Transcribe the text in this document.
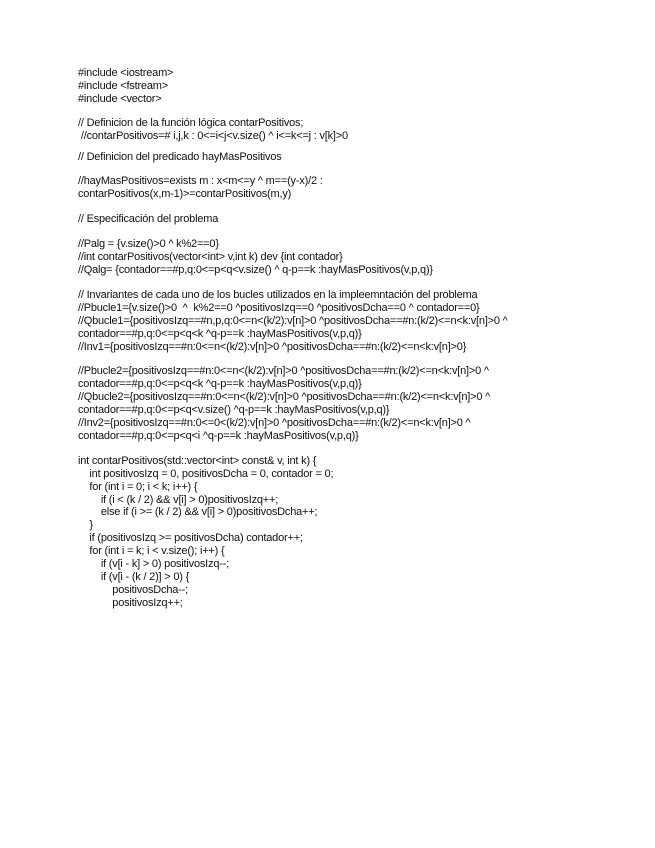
#include <iostream>
#include <fstream>
#include <vector>
// Definicion de la función lógica contarPositivos;
//contarPositivos=# i,j,k : 0<=i<j<v.size() ^ i<=k<=j : v[k]>0
// Definicion del predicado hayMasPositivos
//hayMasPositivos=exists m : x<m<=y ^ m==(y-x)/2 :
contarPositivos(x,m-1)>=contarPositivos(m,y)
// Especificación del problema
//Palg = {v.size()>0 ^ k%2==0}
//int contarPositivos(vector<int> v,int k) dev {int contador}
//Qalg= {contador==#p,q:0<=p<q<v.size() ^ q-p==k :hayMasPositivos(v,p,q)}
// Invariantes de cada uno de los bucles utilizados en la impleemntación del problema
//Pbucle1={v.size()>0  ^  k%2==0 ^positivosIzq==0 ^positivosDcha==0 ^ contador==0}
//Qbucle1={positivosIzq==#n,p,q:0<=n<(k/2):v[n]>0 ^positivosDcha==#n:(k/2)<=n<k:v[n]>0 ^
contador==#p,q:0<=p<q<k ^q-p==k :hayMasPositivos(v,p,q)}
//Inv1={positivosIzq==#n:0<=n<(k/2):v[n]>0 ^positivosDcha==#n:(k/2)<=n<k:v[n]>0}
//Pbucle2={positivosIzq==#n:0<=n<(k/2):v[n]>0 ^positivosDcha==#n:(k/2)<=n<k:v[n]>0 ^
contador==#p,q:0<=p<q<k ^q-p==k :hayMasPositivos(v,p,q)}
//Qbucle2={positivosIzq==#n:0<=n<(k/2):v[n]>0 ^positivosDcha==#n:(k/2)<=n<k:v[n]>0 ^
contador==#p,q:0<=p<q<v.size() ^q-p==k :hayMasPositivos(v,p,q)}
//Inv2={positivosIzq==#n:0<=0<(k/2):v[n]>0 ^positivosDcha==#n:(k/2)<=n<k:v[n]>0 ^
contador==#p,q:0<=p<q<i ^q-p==k :hayMasPositivos(v,p,q)}
int contarPositivos(std::vector<int> const& v, int k) {
int positivosIzq = 0, positivosDcha = 0, contador = 0;
for (int i = 0; i < k; i++) {
if (i < (k / 2) && v[i] > 0)positivosIzq++;
else if (i >= (k / 2) && v[i] > 0)positivosDcha++;
}
if (positivosIzq >= positivosDcha) contador++;
for (int i = k; i < v.size(); i++) {
if (v[i - k] > 0) positivosIzq--;
if (v[i - (k / 2)] > 0) {
positivosDcha--;
positivosIzq++;
